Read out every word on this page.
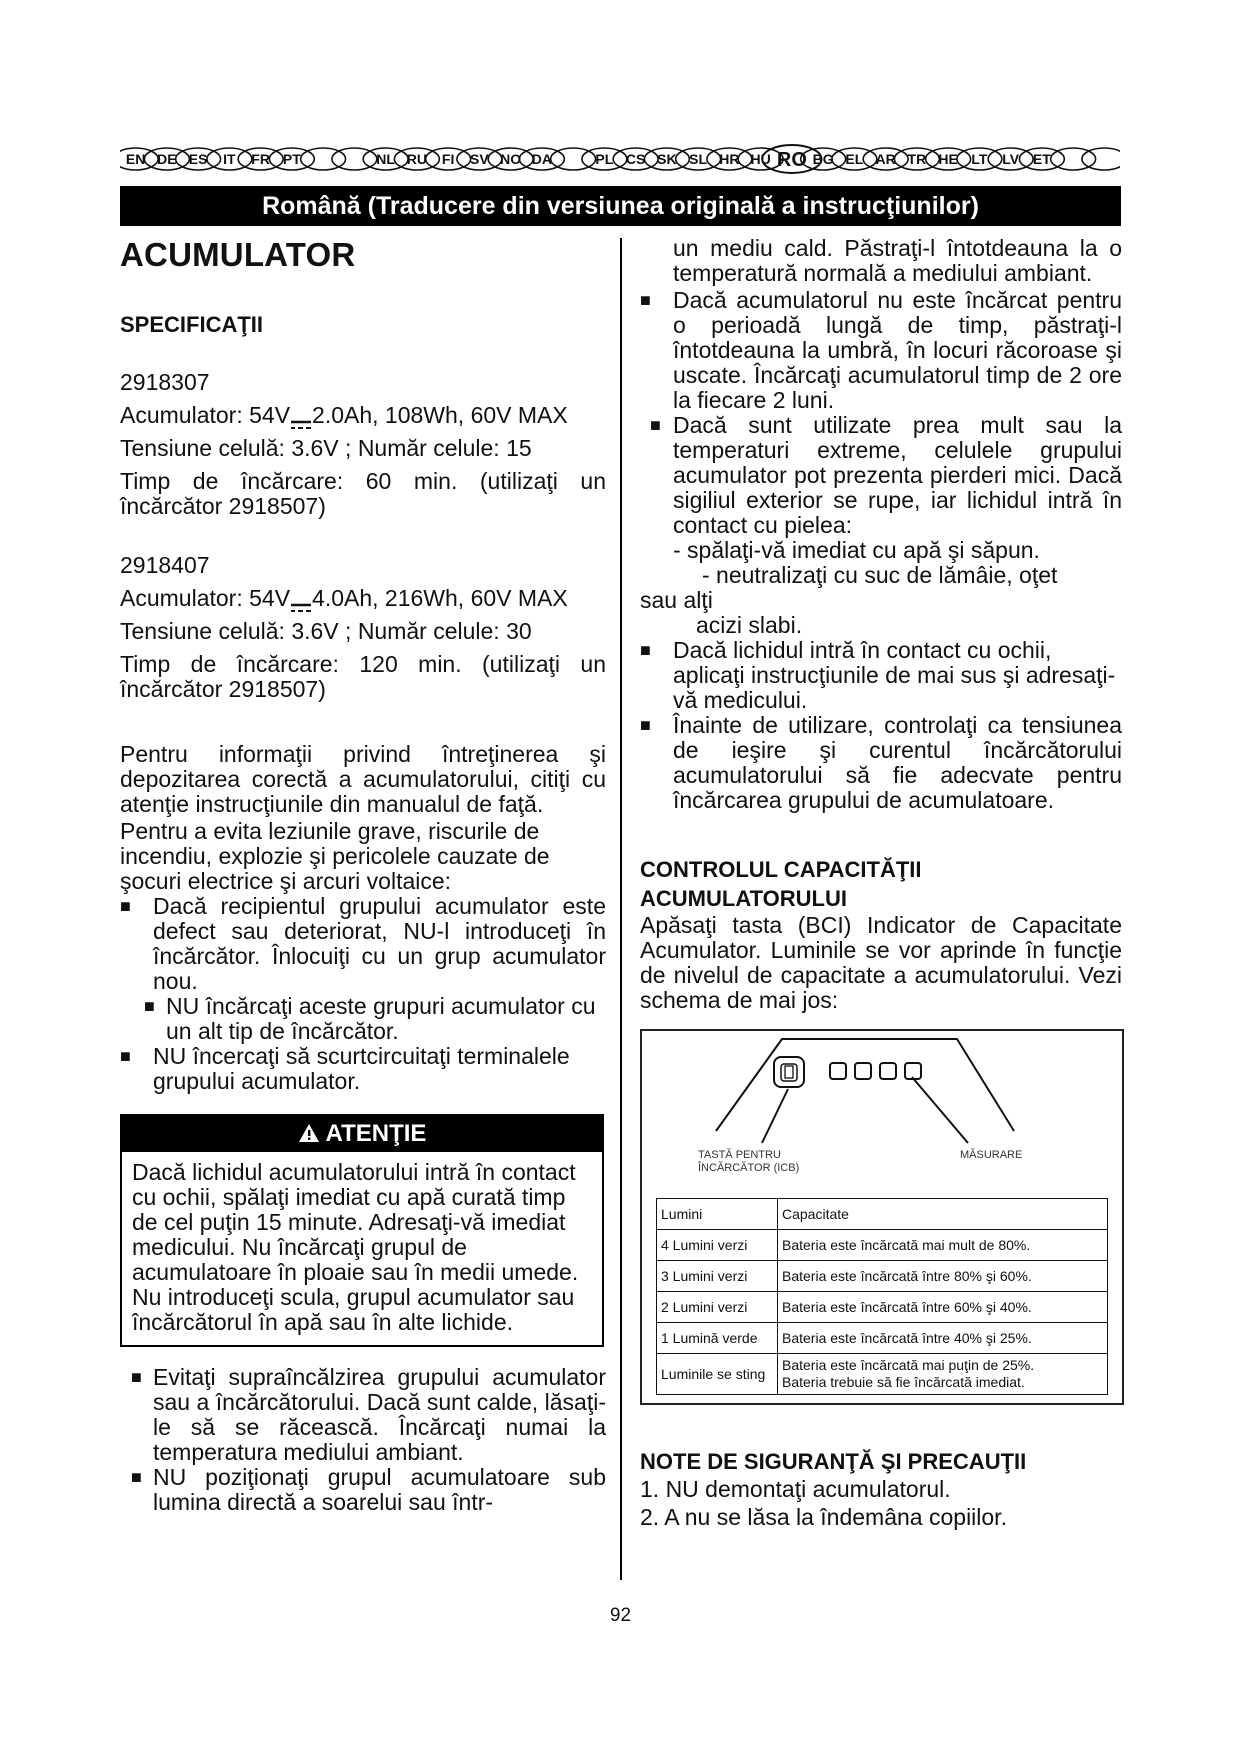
EN DE ES IT FR PT	NL RU FI SV NO DA	PL CS SK SL HR HU RO BG EL AR TR HE LT LV ET
Română (Traducere din versiunea originală a instrucţiunilor)
ACUMULATOR
SPECIFICAŢII
2918307
Acumulator: 54V 2.0Ah, 108Wh, 60V MAX
Tensiune celulă: 3.6V ; Număr celule: 15
Timp de încărcare: 60 min. (utilizaţi un încărcător 2918507)
2918407
Acumulator: 54V 4.0Ah, 216Wh, 60V MAX
Tensiune celulă: 3.6V ; Număr celule: 30
Timp de încărcare: 120 min. (utilizaţi un încărcător 2918507)
Pentru informaţii privind întreţinerea şi depozitarea corectă a acumulatorului, citiţi cu atenţie instrucţiunile din manualul de faţă.
Pentru a evita leziunile grave, riscurile de incendiu, explozie şi pericolele cauzate de şocuri electrice şi arcuri voltaice:
■ Dacă recipientul grupului acumulator este defect sau deteriorat, NU-l introduceţi în încărcător. Înlocuiţi cu un grup acumulator nou.
■ NU încărcaţi aceste grupuri acumulator cu un alt tip de încărcător.
■ NU încercaţi să scurtcircuitaţi terminalele grupului acumulator.
ATENŢIE
Dacă lichidul acumulatorului intră în contact cu ochii, spălaţi imediat cu apă curată timp de cel puţin 15 minute. Adresaţi-vă imediat medicului. Nu încărcaţi grupul de acumulatoare în ploaie sau în medii umede. Nu introduceţi scula, grupul acumulator sau încărcătorul în apă sau în alte lichide.
■ Evitaţi supraîncălzirea grupului acumulator sau a încărcătorului. Dacă sunt calde, lăsaţi-le să se răcească. Încărcaţi numai la temperatura mediului ambiant.
■ NU poziţionaţi grupul acumulatoare sub lumina directă a soarelui sau într-
un mediu cald. Păstraţi-l întotdeauna la o temperatură normală a mediului ambiant.
■ Dacă acumulatorul nu este încărcat pentru o perioadă lungă de timp, păstraţi-l întotdeauna la umbră, în locuri răcoroase şi uscate. Încărcaţi acumulatorul timp de 2 ore la fiecare 2 luni.
■ Dacă sunt utilizate prea mult sau la temperaturi extreme, celulele grupului acumulator pot prezenta pierderi mici. Dacă sigiliul exterior se rupe, iar lichidul intră în contact cu pielea:
- spălaţi-vă imediat cu apă şi săpun.
- neutralizaţi cu suc de lămâie, oţet
sau alţi
acizi slabi.
■ Dacă lichidul intră în contact cu ochii, aplicaţi instrucţiunile de mai sus şi adresaţi-vă medicului.
■ Înainte de utilizare, controlaţi ca tensiunea de ieşire şi curentul încărcătorului acumulatorului să fie adecvate pentru încărcarea grupului de acumulatoare.
CONTROLUL CAPACITĂŢII
ACUMULATORULUI
Apăsaţi tasta (BCI) Indicator de Capacitate Acumulator. Luminile se vor aprinde în funcţie de nivelul de capacitate a acumulatorului. Vezi schema de mai jos:
TASTĂ PENTRU
ÎNCĂRCĂTOR (ICB)
MĂSURARE
Lumini	Capacitate
4 Lumini verzi	Bateria este încărcată mai mult de 80%.
3 Lumini verzi	Bateria este încărcată între 80% şi 60%.
2 Lumini verzi	Bateria este încărcată între 60% şi 40%.
1 Lumină verde	Bateria este încărcată între 40% şi 25%.
Luminile se sting	Bateria este încărcată mai puţin de 25%.
Bateria trebuie să fie încărcată imediat.
NOTE DE SIGURANŢĂ ŞI PRECAUŢII
1. NU demontaţi acumulatorul.
2. A nu se lăsa la îndemâna copiilor.
92
